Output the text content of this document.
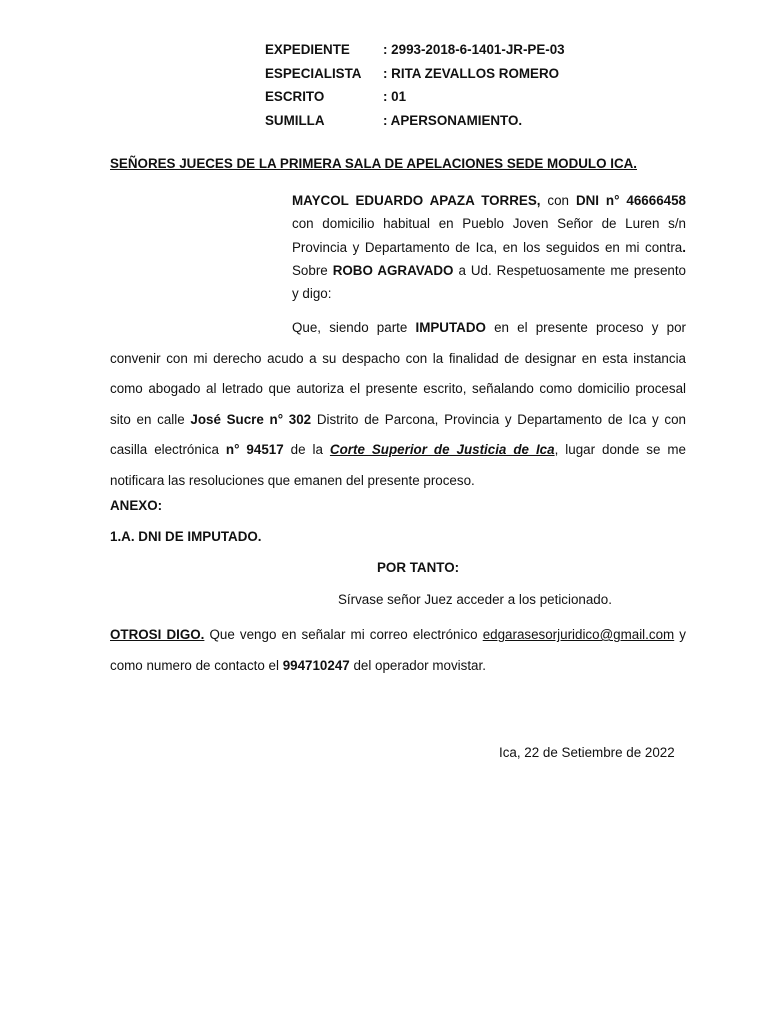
EXPEDIENTE	: 2993-2018-6-1401-JR-PE-03
ESPECIALISTA	: RITA ZEVALLOS ROMERO
ESCRITO	: 01
SUMILLA	: APERSONAMIENTO.
SEÑORES JUECES DE LA PRIMERA SALA DE APELACIONES SEDE MODULO ICA.
MAYCOL EDUARDO APAZA TORRES, con DNI n° 46666458 con domicilio habitual en Pueblo Joven Señor de Luren s/n Provincia y Departamento de Ica, en los seguidos en mi contra. Sobre ROBO AGRAVADO a Ud. Respetuosamente me presento y digo:
Que, siendo parte IMPUTADO en el presente proceso y por convenir con mi derecho acudo a su despacho con la finalidad de designar en esta instancia como abogado al letrado que autoriza el presente escrito, señalando como domicilio procesal sito en calle José Sucre n° 302 Distrito de Parcona, Provincia y Departamento de Ica y con casilla electrónica n° 94517 de la Corte Superior de Justicia de Ica, lugar donde se me notificara las resoluciones que emanen del presente proceso.
ANEXO:
1.A. DNI DE IMPUTADO.
POR TANTO:
Sírvase señor Juez acceder a los peticionado.
OTROSI DIGO. Que vengo en señalar mi correo electrónico edgarasesorjuridico@gmail.com y como numero de contacto el 994710247 del operador movistar.
Ica, 22 de Setiembre de 2022
